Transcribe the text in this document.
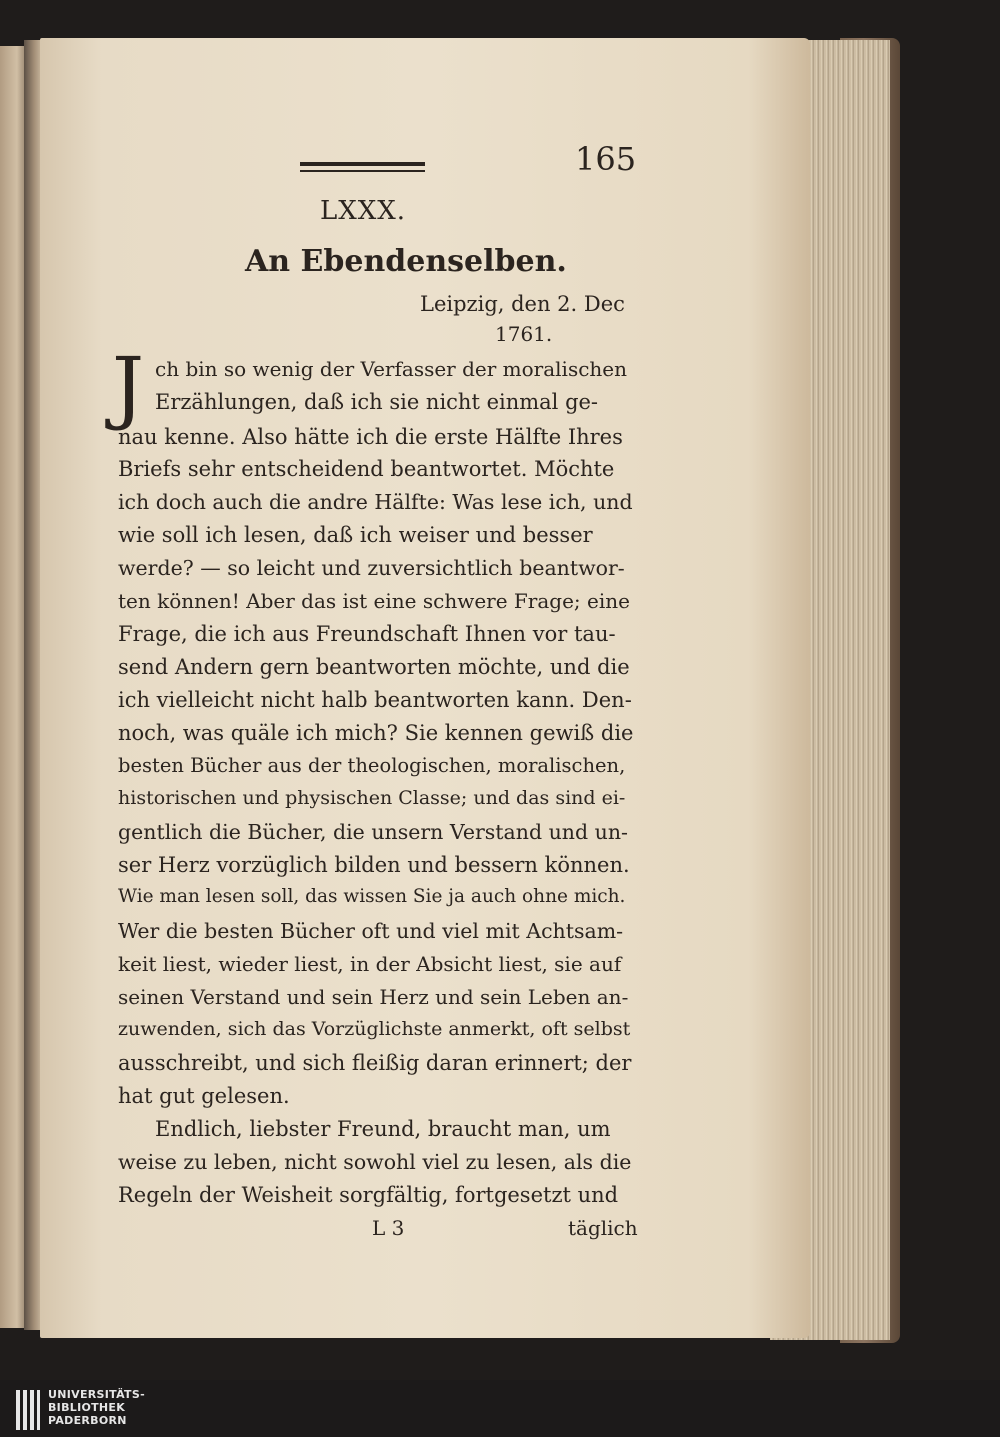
165
LXXX.
An Ebendenselben.
Leipzig, den 2. Dec
1761.
J ch bin so wenig der Verfasser der moralischen
Erzählungen, daß ich sie nicht einmal ge-
nau kenne. Also hätte ich die erste Hälfte Ihres
Briefs sehr entscheidend beantwortet. Möchte
ich doch auch die andre Hälfte: Was lese ich, und
wie soll ich lesen, daß ich weiser und besser
werde? — so leicht und zuversichtlich beantwor-
ten können! Aber das ist eine schwere Frage; eine
Frage, die ich aus Freundschaft Ihnen vor tau-
send Andern gern beantworten möchte, und die
ich vielleicht nicht halb beantworten kann. Den-
noch, was quäle ich mich? Sie kennen gewiß die
besten Bücher aus der theologischen, moralischen,
historischen und physischen Classe; und das sind ei-
gentlich die Bücher, die unsern Verstand und un-
ser Herz vorzüglich bilden und bessern können.
Wie man lesen soll, das wissen Sie ja auch ohne mich.
Wer die besten Bücher oft und viel mit Achtsam-
keit liest, wieder liest, in der Absicht liest, sie auf
seinen Verstand und sein Herz und sein Leben an-
zuwenden, sich das Vorzüglichste anmerkt, oft selbst
ausschreibt, und sich fleißig daran erinnert; der
hat gut gelesen.
Endlich, liebster Freund, braucht man, um
weise zu leben, nicht sowohl viel zu lesen, als die
Regeln der Weisheit sorgfältig, fortgesetzt und
L 3	täglich
UNIVERSITÄTS-
BIBLIOTHEK
PADERBORN
